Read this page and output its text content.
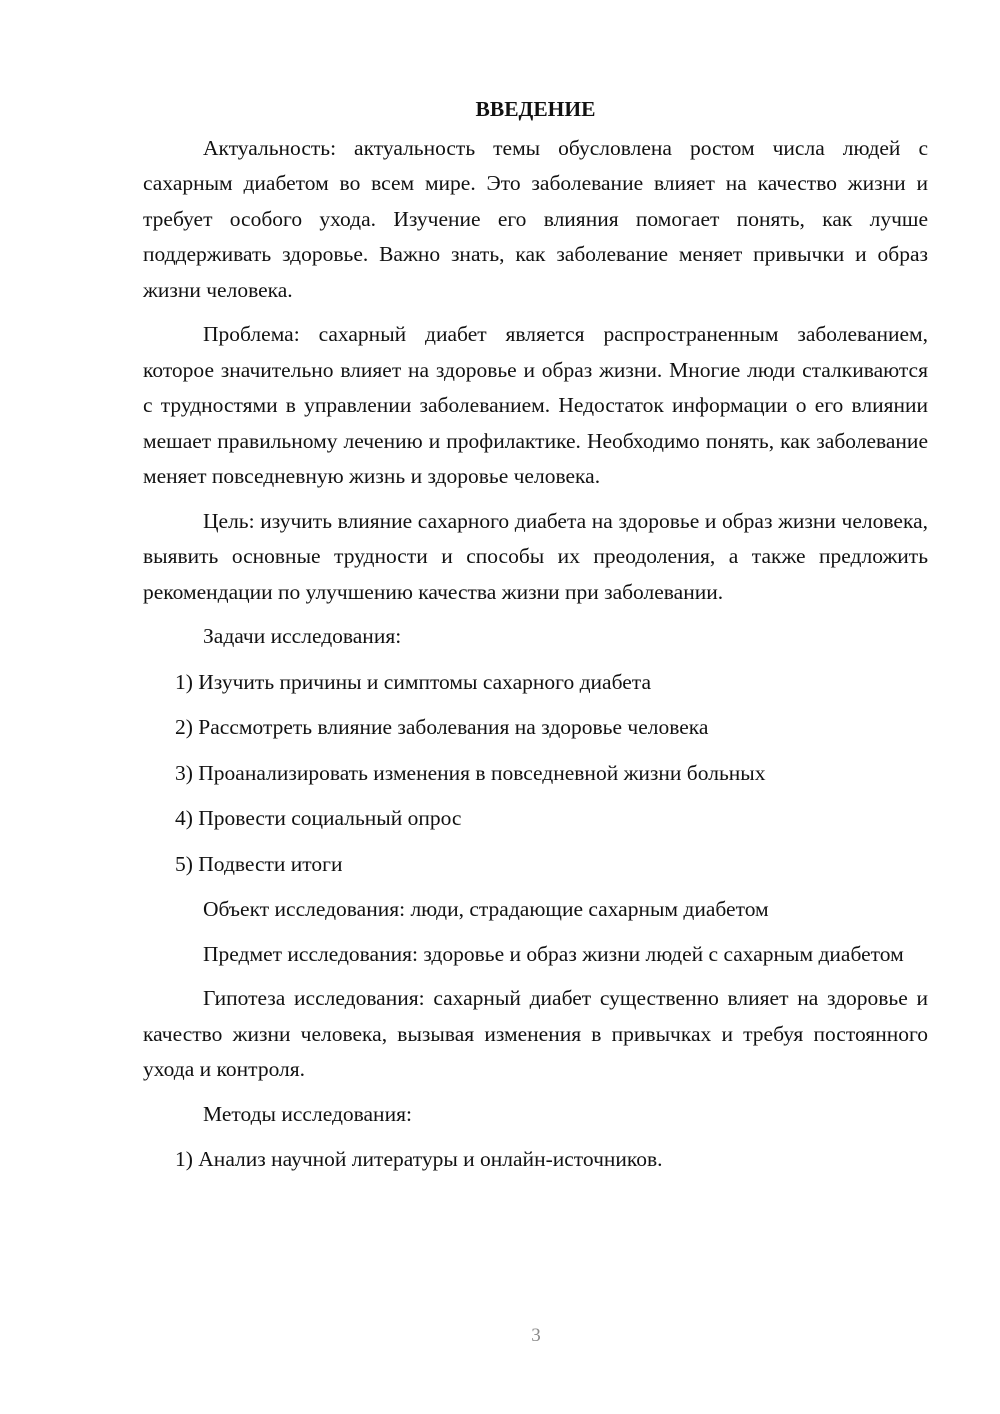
ВВЕДЕНИЕ

Актуальность: актуальность темы обусловлена ростом числа людей с сахарным диабетом во всем мире. Это заболевание влияет на качество жизни и требует особого ухода. Изучение его влияния помогает понять, как лучше поддерживать здоровье. Важно знать, как заболевание меняет привычки и образ жизни человека.

Проблема: сахарный диабет является распространенным заболеванием, которое значительно влияет на здоровье и образ жизни. Многие люди сталкиваются с трудностями в управлении заболеванием. Недостаток информации о его влиянии мешает правильному лечению и профилактике. Необходимо понять, как заболевание меняет повседневную жизнь и здоровье человека.

Цель: изучить влияние сахарного диабета на здоровье и образ жизни человека, выявить основные трудности и способы их преодоления, а также предложить рекомендации по улучшению качества жизни при заболевании.

Задачи исследования:

1) Изучить причины и симптомы сахарного диабета
2) Рассмотреть влияние заболевания на здоровье человека
3) Проанализировать изменения в повседневной жизни больных
4) Провести социальный опрос
5) Подвести итоги

Объект исследования: люди, страдающие сахарным диабетом

Предмет исследования: здоровье и образ жизни людей с сахарным диабетом

Гипотеза исследования: сахарный диабет существенно влияет на здоровье и качество жизни человека, вызывая изменения в привычках и требуя постоянного ухода и контроля.

Методы исследования:

1) Анализ научной литературы и онлайн-источников.
3
